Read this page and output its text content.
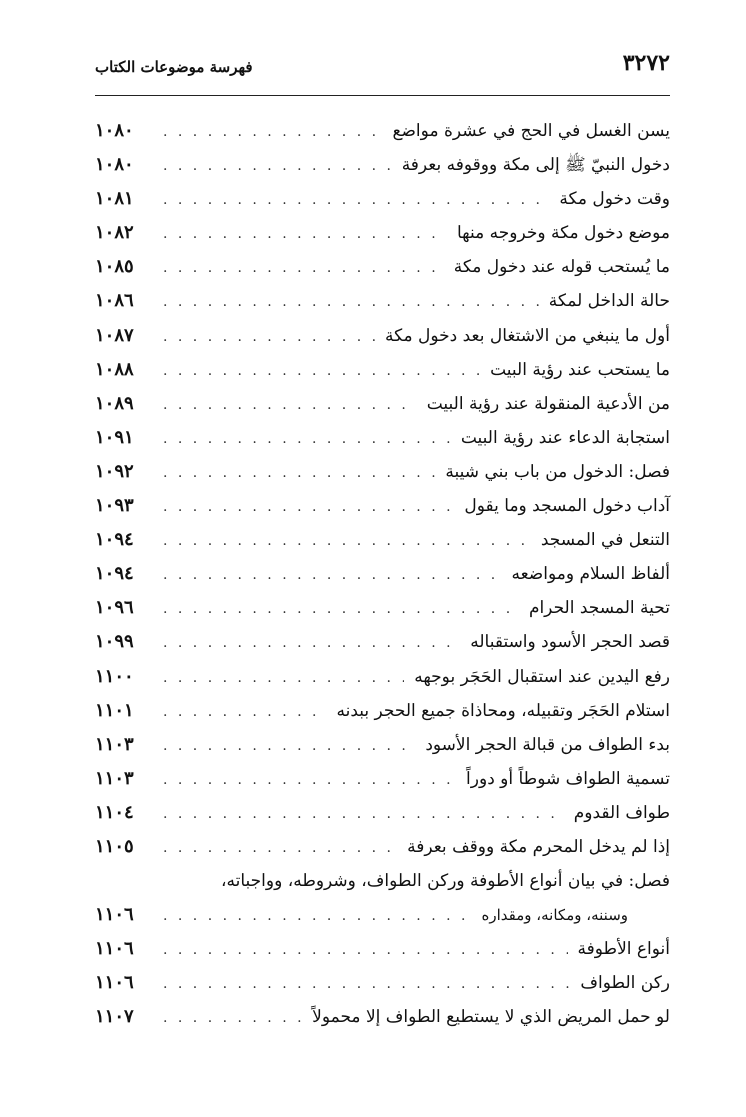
٣٢٧٢
فهرسة موضوعات الكتاب
يسن الغسل في الحج في عشرة مواضع
. . .
١٠٨٠
دخول النبيّ ﷺ إلى مكة ووقوفه بعرفة
. . .
١٠٨٠
وقت دخول مكة
. . .
١٠٨١
موضع دخول مكة وخروجه منها
. . .
١٠٨٢
ما يُستحب قوله عند دخول مكة
. . .
١٠٨٥
حالة الداخل لمكة
. . .
١٠٨٦
أول ما ينبغي من الاشتغال بعد دخول مكة
. . .
١٠٨٧
ما يستحب عند رؤية البيت
. . .
١٠٨٨
من الأدعية المنقولة عند رؤية البيت
. . .
١٠٨٩
استجابة الدعاء عند رؤية البيت
. . .
١٠٩١
فصل: الدخول من باب بني شيبة
. . .
١٠٩٢
آداب دخول المسجد وما يقول
. . .
١٠٩٣
التنعل في المسجد
. . .
١٠٩٤
ألفاظ السلام ومواضعه
. . .
١٠٩٤
تحية المسجد الحرام
. . .
١٠٩٦
قصد الحجر الأسود واستقباله
. . .
١٠٩٩
رفع اليدين عند استقبال الحَجَر بوجهه
. . .
١١٠٠
استلام الحَجَر وتقبيله، ومحاذاة جميع الحجر ببدنه
. . .
١١٠١
بدء الطواف من قبالة الحجر الأسود
. . .
١١٠٣
تسمية الطواف شوطاً أو دوراً
. . .
١١٠٣
طواف القدوم
. . .
١١٠٤
إذا لم يدخل المحرم مكة ووقف بعرفة
. . .
١١٠٥
فصل: في بيان أنواع الأطوفة وركن الطواف، وشروطه، وواجباته،
وسننه، ومكانه، ومقداره
. . .
١١٠٦
أنواع الأطوفة
. . .
١١٠٦
ركن الطواف
. . .
١١٠٦
لو حمل المريض الذي لا يستطيع الطواف إلا محمولاً
. . .
١١٠٧
